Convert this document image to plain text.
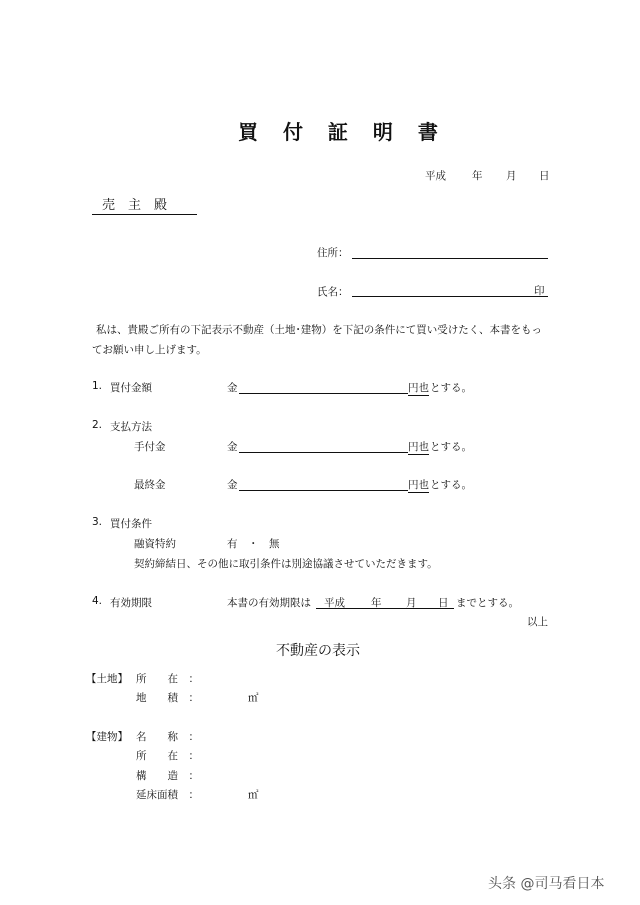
買 付 証 明 書
平成 年 月 日
売　主　殿
住所：
氏名：	印
私は、貴殿ご所有の下記表示不動産（土地･建物）を下記の条件にて買い受けたく、本書をもっ
てお願い申し上げます。
1. 買付金額	金	円也 とする。
2. 支払方法
手付金	金	円也 とする。
最終金	金	円也 とする。
3. 買付条件
融資特約	有　・　無
契約締結日、その他に取引条件は別途協議させていただきます。
4. 有効期限	本書の有効期限は 平成 年 月 日 までとする。
以上
不動産の表示
【土地】 所　　在　：
地　　積　：	㎡
【建物】 名　　称　：
所　　在　：
構　　造　：
延床面積　：	㎡
头条 @司马看日本
